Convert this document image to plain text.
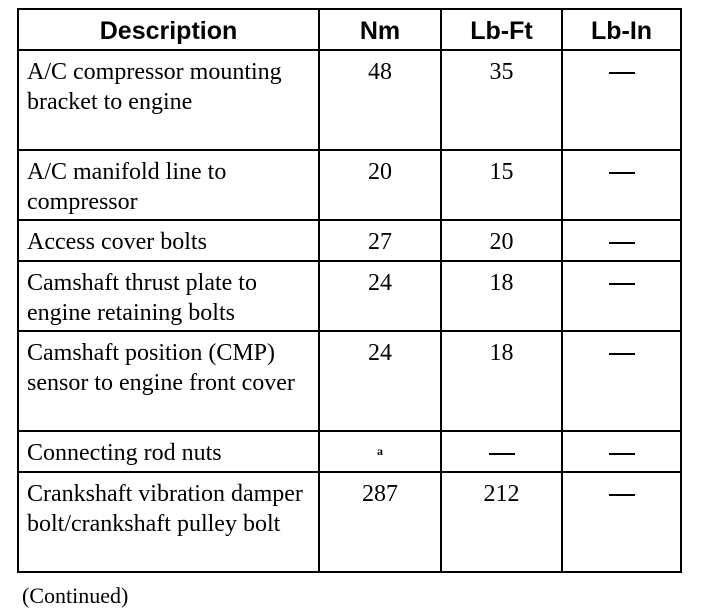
Description	Nm	Lb-Ft	Lb-In
A/C compressor mounting bracket to engine	48	35	
A/C manifold line to compressor	20	15	
Access cover bolts	27	20	
Camshaft thrust plate to engine retaining bolts	24	18	
Camshaft position (CMP) sensor to engine front cover	24	18	
Connecting rod nuts	a		
Crankshaft vibration damper bolt/crankshaft pulley bolt	287	212	
(Continued)
